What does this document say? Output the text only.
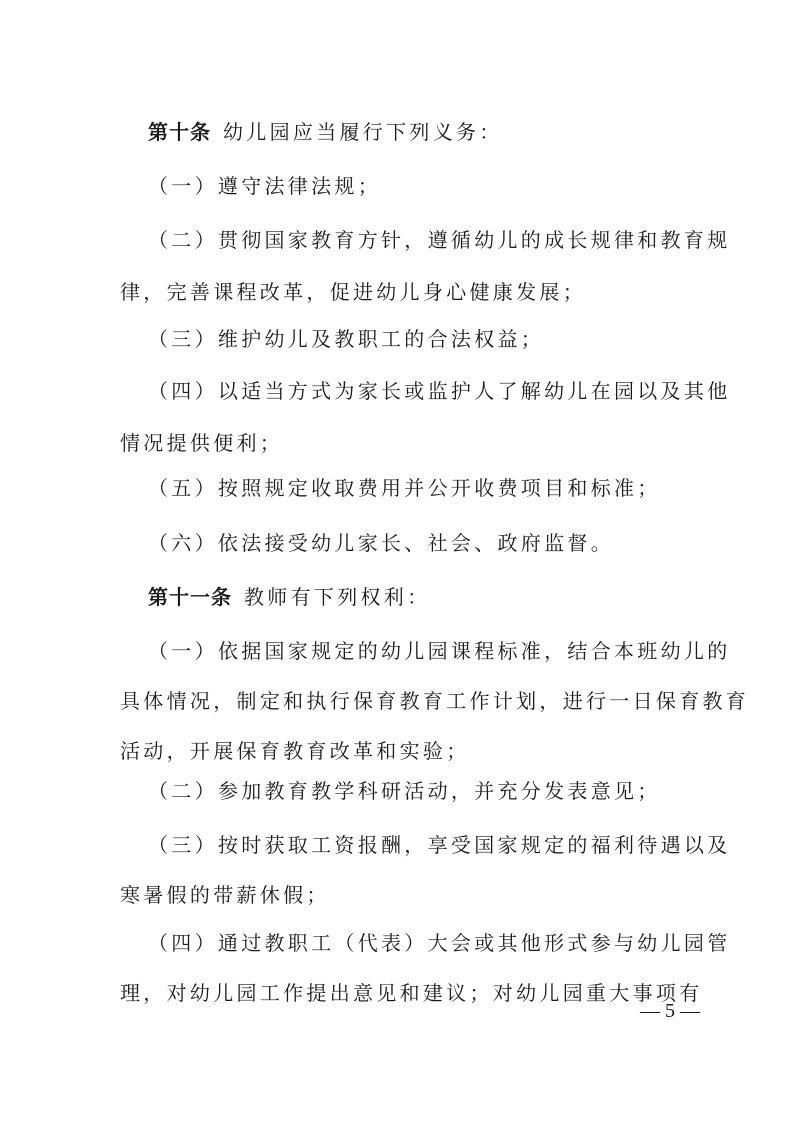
第十条 幼儿园应当履行下列义务：

（一）遵守法律法规；

（二）贯彻国家教育方针，遵循幼儿的成长规律和教育规
律，完善课程改革，促进幼儿身心健康发展；

（三）维护幼儿及教职工的合法权益；

（四）以适当方式为家长或监护人了解幼儿在园以及其他
情况提供便利；

（五）按照规定收取费用并公开收费项目和标准；

（六）依法接受幼儿家长、社会、政府监督。

第十一条 教师有下列权利：

（一）依据国家规定的幼儿园课程标准，结合本班幼儿的
具体情况，制定和执行保育教育工作计划，进行一日保育教育
活动，开展保育教育改革和实验；

（二）参加教育教学科研活动，并充分发表意见；

（三）按时获取工资报酬，享受国家规定的福利待遇以及
寒暑假的带薪休假；

（四）通过教职工（代表）大会或其他形式参与幼儿园管
理，对幼儿园工作提出意见和建议；对幼儿园重大事项有

— 5 —
